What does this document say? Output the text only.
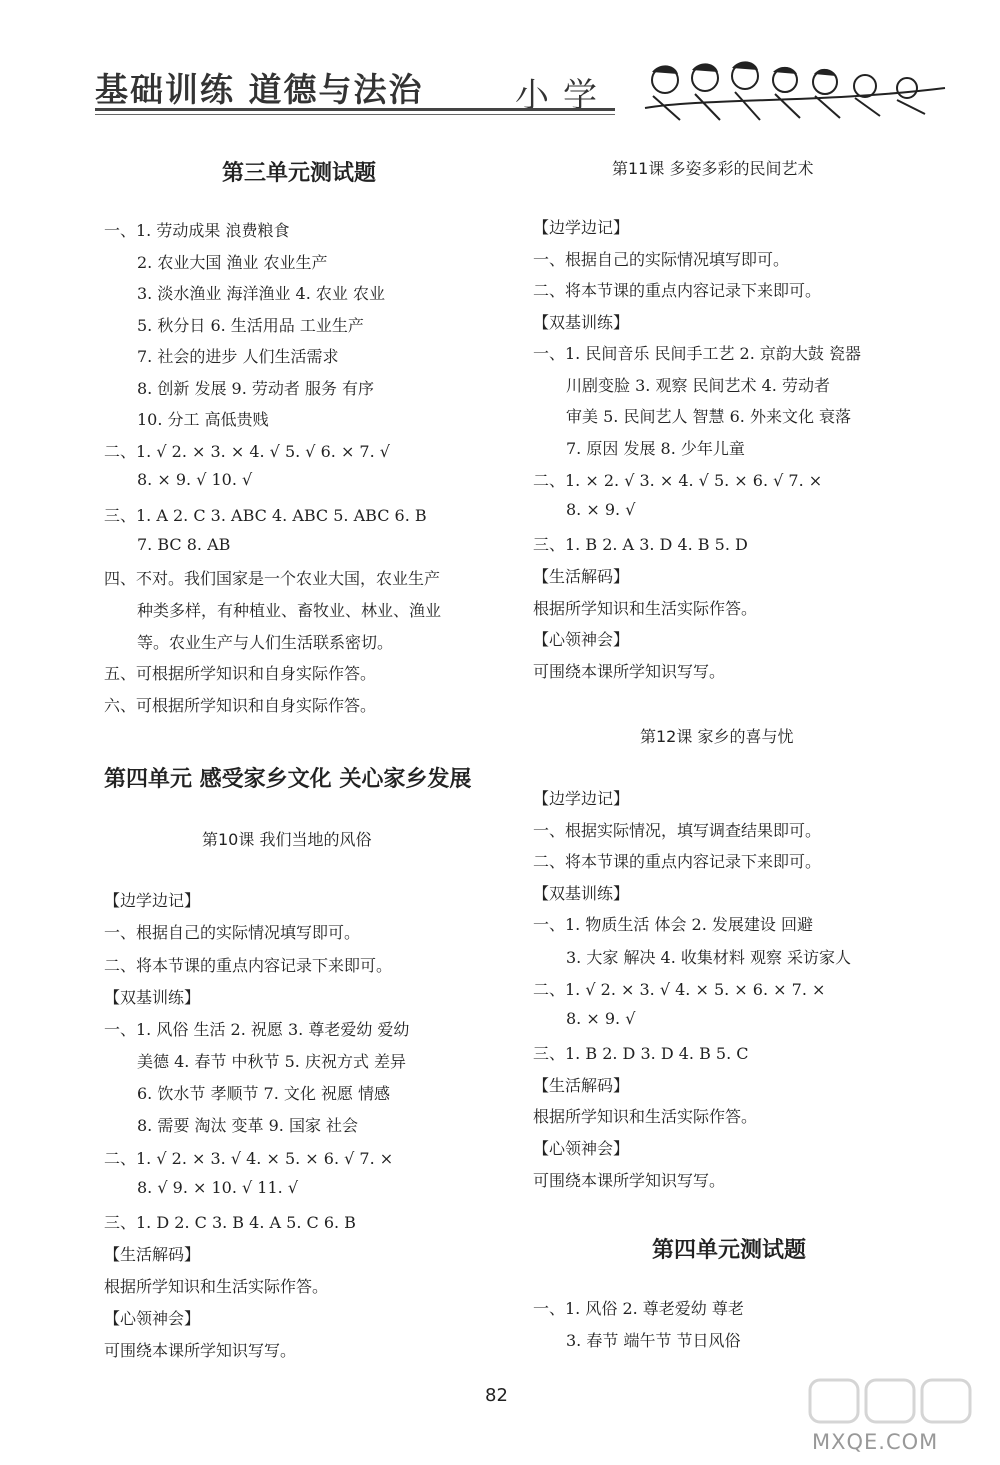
基础训练 道德与法治	小学
第三单元测试题
一、1. 劳动成果 浪费粮食
2. 农业大国 渔业 农业生产
3. 淡水渔业 海洋渔业 4. 农业 农业
5. 秋分日 6. 生活用品 工业生产
7. 社会的进步 人们生活需求
8. 创新 发展 9. 劳动者 服务 有序
10. 分工 高低贵贱
二、1. √ 2. × 3. × 4. √ 5. √ 6. × 7. √
8. × 9. √ 10. √
三、1. A 2. C 3. ABC 4. ABC 5. ABC 6. B
7. BC 8. AB
四、不对。我们国家是一个农业大国，农业生产
种类多样，有种植业、畜牧业、林业、渔业
等。农业生产与人们生活联系密切。
五、可根据所学知识和自身实际作答。
六、可根据所学知识和自身实际作答。
第四单元 感受家乡文化 关心家乡发展
第10课 我们当地的风俗
【边学边记】
一、根据自己的实际情况填写即可。
二、将本节课的重点内容记录下来即可。
【双基训练】
一、1. 风俗 生活 2. 祝愿 3. 尊老爱幼 爱幼
美德 4. 春节 中秋节 5. 庆祝方式 差异
6. 饮水节 孝顺节 7. 文化 祝愿 情感
8. 需要 淘汰 变革 9. 国家 社会
二、1. √ 2. × 3. √ 4. × 5. × 6. √ 7. ×
8. √ 9. × 10. √ 11. √
三、1. D 2. C 3. B 4. A 5. C 6. B
【生活解码】
根据所学知识和生活实际作答。
【心领神会】
可围绕本课所学知识写写。
第11课 多姿多彩的民间艺术
【边学边记】
一、根据自己的实际情况填写即可。
二、将本节课的重点内容记录下来即可。
【双基训练】
一、1. 民间音乐 民间手工艺 2. 京韵大鼓 瓷器
川剧变脸 3. 观察 民间艺术 4. 劳动者
审美 5. 民间艺人 智慧 6. 外来文化 衰落
7. 原因 发展 8. 少年儿童
二、1. × 2. √ 3. × 4. √ 5. × 6. √ 7. ×
8. × 9. √
三、1. B 2. A 3. D 4. B 5. D
【生活解码】
根据所学知识和生活实际作答。
【心领神会】
可围绕本课所学知识写写。
第12课 家乡的喜与忧
【边学边记】
一、根据实际情况，填写调查结果即可。
二、将本节课的重点内容记录下来即可。
【双基训练】
一、1. 物质生活 体会 2. 发展建设 回避
3. 大家 解决 4. 收集材料 观察 采访家人
二、1. √ 2. × 3. √ 4. × 5. × 6. × 7. ×
8. × 9. √
三、1. B 2. D 3. D 4. B 5. C
【生活解码】
根据所学知识和生活实际作答。
【心领神会】
可围绕本课所学知识写写。
第四单元测试题
一、1. 风俗 2. 尊老爱幼 尊老
3. 春节 端午节 节日风俗
82
MXQE.COM
